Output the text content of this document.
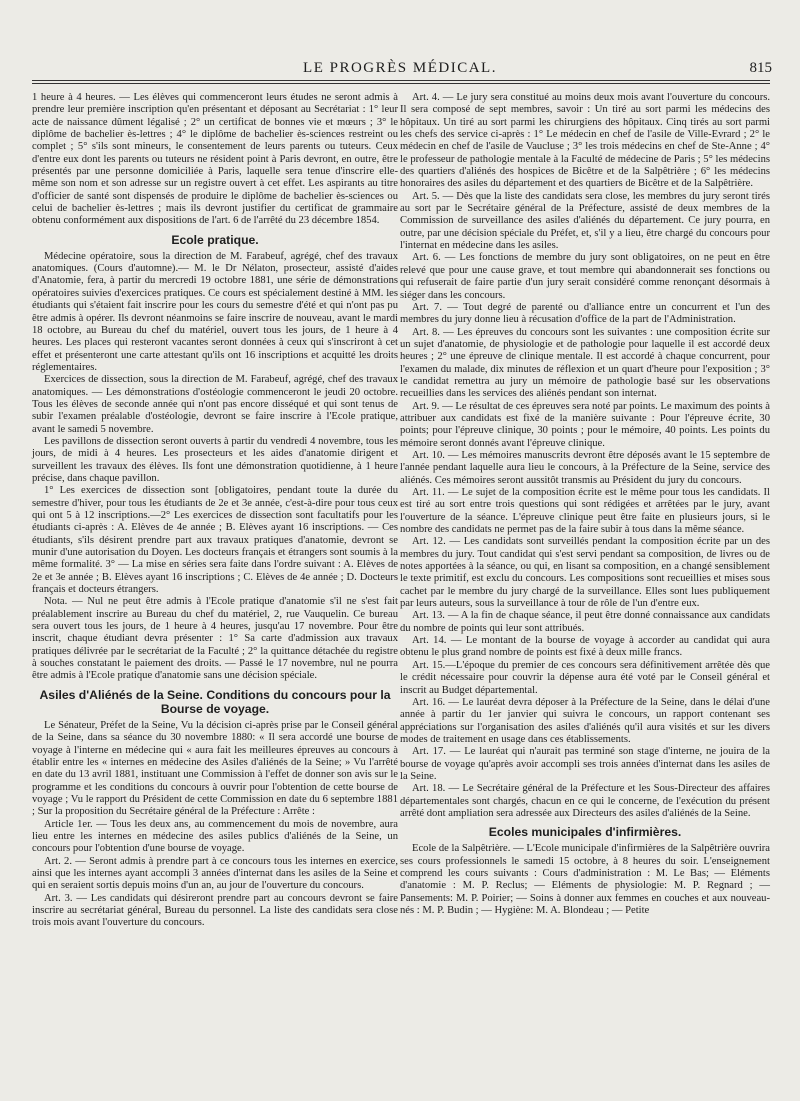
LE PROGRÈS MÉDICAL.	815

1 heure à 4 heures. — Les élèves qui commenceront leurs études ne seront admis à prendre leur première inscription qu'en présentant et déposant au Secrétariat : 1° leur acte de naissance dûment légalisé ; 2° un certificat de bonnes vie et mœurs ; 3° le diplôme de bachelier ès-lettres ; 4° le diplôme de bachelier ès-sciences restreint ou complet ; 5° s'ils sont mineurs, le consentement de leurs parents ou tuteurs. Ceux d'entre eux dont les parents ou tuteurs ne résident point à Paris devront, en outre, être présentés par une personne domiciliée à Paris, laquelle sera tenue d'inscrire elle-même son nom et son adresse sur un registre ouvert à cet effet. Les aspirants au titre d'officier de santé sont dispensés de produire le diplôme de bachelier ès-sciences ou celui de bachelier ès-lettres ; mais ils devront justifier du certificat de grammaire obtenu conformément aux dispositions de l'art. 6 de l'arrêté du 23 décembre 1854.

Ecole pratique.

Médecine opératoire, sous la direction de M. Farabeuf, agrégé, chef des travaux anatomiques. (Cours d'automne).— M. le Dr Nélaton, prosecteur, assisté d'aides d'Anatomie, fera, à partir du mercredi 19 octobre 1881, une série de démonstrations opératoires suivies d'exercices pratiques. Ce cours est spécialement destiné à MM. les étudiants qui s'étaient fait inscrire pour les cours du semestre d'été et qui n'ont pas pu être admis à opérer. Ils devront néanmoins se faire inscrire de nouveau, avant le mardi 18 octobre, au Bureau du chef du matériel, ouvert tous les jours, de 1 heure à 4 heures. Les places qui resteront vacantes seront données à ceux qui s'inscriront à cet effet et présenteront une carte attestant qu'ils ont 16 inscriptions et acquitté les droits réglementaires.

Exercices de dissection, sous la direction de M. Farabeuf, agrégé, chef des travaux anatomiques. — Les démonstrations d'ostéologie commenceront le jeudi 20 octobre. Tous les élèves de seconde année qui n'ont pas encore disséqué et qui sont tenus de subir l'examen préalable d'ostéologie, devront se faire inscrire à l'Ecole pratique, avant le samedi 5 novembre.

Les pavillons de dissection seront ouverts à partir du vendredi 4 novembre, tous les jours, de midi à 4 heures. Les prosecteurs et les aides d'anatomie dirigent et surveillent les travaux des élèves. Ils font une démonstration quotidienne, à 1 heure précise, dans chaque pavillon.

1° Les exercices de dissection sont [obligatoires, pendant toute la durée du semestre d'hiver, pour tous les étudiants de 2e et 3e année, c'est-à-dire pour tous ceux qui ont 5 à 12 inscriptions.—2° Les exercices de dissection sont facultatifs pour les étudiants ci-après : A. Elèves de 4e année ; B. Elèves ayant 16 inscriptions. — Ces étudiants, s'ils désirent prendre part aux travaux pratiques d'anatomie, devront se munir d'une autorisation du Doyen. Les docteurs français et étrangers sont soumis à la même formalité. 3° — La mise en séries sera faite dans l'ordre suivant : A. Elèves de 2e et 3e année ; B. Elèves ayant 16 inscriptions ; C. Elèves de 4e année ; D. Docteurs français et docteurs étrangers.

Nota. — Nul ne peut être admis à l'Ecole pratique d'anatomie s'il ne s'est fait préalablement inscrire au Bureau du chef du matériel, 2, rue Vauquelin. Ce bureau sera ouvert tous les jours, de 1 heure à 4 heures, jusqu'au 17 novembre. Pour être inscrit, chaque étudiant devra présenter : 1° Sa carte d'admission aux travaux pratiques délivrée par le secrétariat de la Faculté ; 2° la quittance détachée du registre à souches constatant le paiement des droits. — Passé le 17 novembre, nul ne pourra être admis à l'Ecole pratique d'anatomie sans une décision spéciale.

Asiles d'Aliénés de la Seine. Conditions du concours pour la Bourse de voyage.

Le Sénateur, Préfet de la Seine, Vu la décision ci-après prise par le Conseil général de la Seine, dans sa séance du 30 novembre 1880: « Il sera accordé une bourse de voyage à l'interne en médecine qui « aura fait les meilleures épreuves au concours à établir entre les « internes en médecine des Asiles d'aliénés de la Seine; » Vu l'arrêté en date du 13 avril 1881, instituant une Commission à l'effet de donner son avis sur le programme et les conditions du concours à ouvrir pour l'obtention de cette bourse de voyage ; Vu le rapport du Président de cette Commission en date du 6 septembre 1881 ; Sur la proposition du Secrétaire général de la Préfecture : Arrête :

Article 1er. — Tous les deux ans, au commencement du mois de novembre, aura lieu entre les internes en médecine des asiles publics d'aliénés de la Seine, un concours pour l'obtention d'une bourse de voyage.

Art. 2. — Seront admis à prendre part à ce concours tous les internes en exercice, ainsi que les internes ayant accompli 3 années d'internat dans les asiles de la Seine et qui en seraient sortis depuis moins d'un an, au jour de l'ouverture du concours.

Art. 3. — Les candidats qui désireront prendre part au concours devront se faire inscrire au secrétariat général, Bureau du personnel. La liste des candidats sera close trois mois avant l'ouverture du concours.

Art. 4. — Le jury sera constitué au moins deux mois avant l'ouverture du concours. Il sera composé de sept membres, savoir : Un tiré au sort parmi les médecins des hôpitaux. Un tiré au sort parmi les chirurgiens des hôpitaux. Cinq tirés au sort parmi les chefs des service ci-après : 1° Le médecin en chef de l'asile de Ville-Evrard ; 2° le médecin en chef de l'asile de Vaucluse ; 3° les trois médecins en chef de Ste-Anne ; 4° le professeur de pathologie mentale à la Faculté de médecine de Paris ; 5° les médecins des quartiers d'aliénés des hospices de Bicêtre et de la Salpêtrière ; 6° les médecins honoraires des asiles du département et des quartiers de Bicêtre et de la Salpêtrière.

Art. 5. — Dès que la liste des candidats sera close, les membres du jury seront tirés au sort par le Secrétaire général de la Préfecture, assisté de deux membres de la Commission de surveillance des asiles d'aliénés du département. Ce jury pourra, en outre, par une décision spéciale du Préfet, et, s'il y a lieu, être chargé du concours pour l'internat en médecine dans les asiles.

Art. 6. — Les fonctions de membre du jury sont obligatoires, on ne peut en être relevé que pour une cause grave, et tout membre qui abandonnerait ses fonctions ou qui refuserait de faire partie d'un jury serait considéré comme renonçant désormais à siéger dans les concours.

Art. 7. — Tout degré de parenté ou d'alliance entre un concurrent et l'un des membres du jury donne lieu à récusation d'office de la part de l'Administration.

Art. 8. — Les épreuves du concours sont les suivantes : une composition écrite sur un sujet d'anatomie, de physiologie et de pathologie pour laquelle il est accordé deux heures ; 2° une épreuve de clinique mentale. Il est accordé à chaque concurrent, pour l'examen du malade, dix minutes de réflexion et un quart d'heure pour l'exposition ; 3° le candidat remettra au jury un mémoire de pathologie basé sur les observations recueillies dans les services des aliénés pendant son internat.

Art. 9. — Le résultat de ces épreuves sera noté par points. Le maximum des points à attribuer aux candidats est fixé de la manière suivante : Pour l'épreuve écrite, 30 points; pour l'épreuve clinique, 30 points ; pour le mémoire, 40 points. Les points du mémoire seront donnés avant l'épreuve clinique.

Art. 10. — Les mémoires manuscrits devront être déposés avant le 15 septembre de l'année pendant laquelle aura lieu le concours, à la Préfecture de la Seine, service des aliénés. Ces mémoires seront aussitôt transmis au Président du jury du concours.

Art. 11. — Le sujet de la composition écrite est le même pour tous les candidats. Il est tiré au sort entre trois questions qui sont rédigées et arrêtées par le jury, avant l'ouverture de la séance. L'épreuve clinique peut être faite en plusieurs jours, si le nombre des candidats ne permet pas de la faire subir à tous dans la même séance.

Art. 12. — Les candidats sont surveillés pendant la composition écrite par un des membres du jury. Tout candidat qui s'est servi pendant sa composition, de livres ou de notes apportées à la séance, ou qui, en lisant sa composition, en a changé sensiblement le texte primitif, est exclu du concours. Les compositions sont recueillies et mises sous cachet par le membre du jury chargé de la surveillance. Elles sont lues publiquement par leurs auteurs, sous la surveillance à tour de rôle de l'un d'entre eux.

Art. 13. — A la fin de chaque séance, il peut être donné connaissance aux candidats du nombre de points qui leur sont attribués.

Art. 14. — Le montant de la bourse de voyage à accorder au candidat qui aura obtenu le plus grand nombre de points est fixé à deux mille francs.

Art. 15.—L'époque du premier de ces concours sera définitivement arrêtée dès que le crédit nécessaire pour couvrir la dépense aura été voté par le Conseil général et inscrit au Budget départemental.

Art. 16. — Le lauréat devra déposer à la Préfecture de la Seine, dans le délai d'une année à partir du 1er janvier qui suivra le concours, un rapport contenant ses appréciations sur l'organisation des asiles d'aliénés qu'il aura visités et sur les divers modes de traitement en usage dans ces établissements.

Art. 17. — Le lauréat qui n'aurait pas terminé son stage d'interne, ne jouira de la bourse de voyage qu'après avoir accompli ses trois années d'internat dans les asiles de la Seine.

Art. 18. — Le Secrétaire général de la Préfecture et les Sous-Directeur des affaires départementales sont chargés, chacun en ce qui le concerne, de l'exécution du présent arrêté dont ampliation sera adressée aux Directeurs des asiles d'aliénés de la Seine.

Ecoles municipales d'infirmières.

Ecole de la Salpêtrière. — L'Ecole municipale d'infirmières de la Salpêtrière ouvrira ses cours professionnels le samedi 15 octobre, à 8 heures du soir. L'enseignement comprend les cours suivants : Cours d'administration : M. Le Bas; — Eléments d'anatomie : M. P. Reclus; — Eléments de physiologie: M. P. Regnard ; — Pansements: M. P. Poirier; — Soins à donner aux femmes en couches et aux nouveau-nés : M. P. Budin ; — Hygiène: M. A. Blondeau ; — Petite
